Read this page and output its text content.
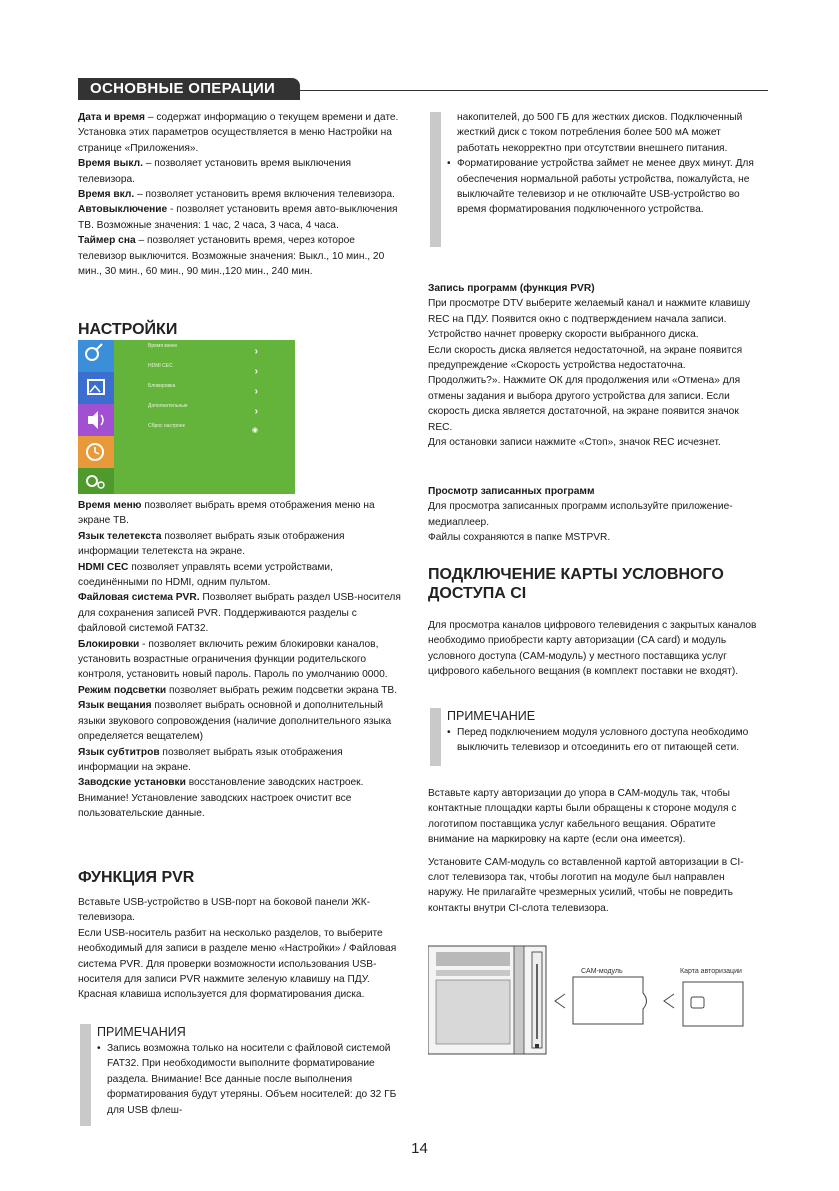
ОСНОВНЫЕ ОПЕРАЦИИ

Дата и время – содержат информацию о текущем времени и дате. Установка этих параметров осуществляется в меню Настройки на странице «Приложения».

Время выкл. – позволяет установить время выключения телевизора.

Время вкл. – позволяет установить время включения телевизора.

Автовыключение - позволяет установить время авто-выключения ТВ. Возможные значения: 1 час, 2 часа, 3 часа, 4 часа.

Таймер сна – позволяет установить время, через которое телевизор выключится. Возможные значения: Выкл., 10 мин., 20 мин., 30 мин., 60 мин., 90 мин.,120 мин., 240 мин.

НАСТРОЙКИ
Время меню	›
HDMI CEC	›
Блокировка	›
Дополнительные	›
Сброс настроек
◉

Время меню позволяет выбрать время отображения меню на экране ТВ.

Язык телетекста позволяет выбрать язык отображения информации телетекста на экране.

HDMI CEC позволяет управлять всеми устройствами, соединёнными по HDMI, одним пультом.

Файловая система PVR. Позволяет выбрать раздел USB-носителя для сохранения записей PVR. Поддерживаются разделы с файловой системой FAT32.

Блокировки - позволяет включить режим блокировки каналов, установить возрастные ограничения функции родительского контроля, установить новый пароль. Пароль по умолчанию 0000.

Режим подсветки позволяет выбрать режим подсветки экрана ТВ.

Язык вещания позволяет выбрать основной и дополнительный языки звукового сопровождения (наличие дополнительного языка определяется вещателем)

Язык субтитров позволяет выбрать язык отображения информации на экране.

Заводские установки восстановление заводских настроек. Внимание! Установление заводских настроек очистит все пользовательские данные.

ФУНКЦИЯ PVR

Вставьте USB-устройство в USB-порт на боковой панели ЖК-телевизора.

Если USB-носитель разбит на несколько разделов, то выберите необходимый для записи в разделе меню «Настройки» / Файловая система PVR. Для проверки возможности использования USB-носителя для записи PVR нажмите зеленую клавишу на ПДУ. Красная клавиша используется для форматирования диска.

ПРИМЕЧАНИЯ
• Запись возможна только на носители с файловой системой FAT32. При необходимости выполните форматирование раздела. Внимание! Все данные после выполнения форматирования будут утеряны. Объем носителей: до 32 ГБ для USB флеш-
накопителей, до 500 ГБ для жестких дисков. Подключенный жесткий диск с током потребления более 500 мА может работать некорректно при отсутствии внешнего питания.
• Форматирование устройства займет не менее двух минут. Для обеспечения нормальной работы устройства, пожалуйста, не выключайте телевизор и не отключайте USB-устройство во время форматирования подключенного устройства.

Запись программ (функция PVR)

При просмотре DTV выберите желаемый канал и нажмите клавишу REC на ПДУ. Появится окно с подтверждением начала записи. Устройство начнет проверку скорости выбранного диска.

Если скорость диска является недостаточной, на экране появится предупреждение «Скорость устройства недостаточна. Продолжить?». Нажмите ОК для продолжения или «Отмена» для отмены задания и выбора другого устройства для записи. Если скорость диска является достаточной, на экране появится значок REC.

Для остановки записи нажмите «Стоп», значок REC исчезнет.

Просмотр записанных программ

Для просмотра записанных программ используйте приложение-медиаплеер.

Файлы сохраняются в папке MSTPVR.

ПОДКЛЮЧЕНИЕ КАРТЫ УСЛОВНОГО
ДОСТУПА CI

Для просмотра каналов цифрового телевидения с закрытых каналов необходимо приобрести карту авторизации (CA card) и модуль условного доступа (CAM-модуль) у местного поставщика услуг цифрового кабельного вещания (в комплект поставки не входят).

ПРИМЕЧАНИЕ
• Перед подключением модуля условного доступа необходимо выключить телевизор и отсоединить его от питающей сети.

Вставьте карту авторизации до упора в CAM-модуль так, чтобы контактные площадки карты были обращены к стороне модуля с логотипом поставщика услуг кабельного вещания. Обратите внимание на маркировку на карте (если она имеется).

Установите CAM-модуль со вставленной картой авторизации в CI-слот телевизора так, чтобы логотип на модуле был направлен наружу. Не прилагайте чрезмерных усилий, чтобы не повредить контакты внутри CI-слота телевизора.

CAM-модуль	Карта авторизации
14
